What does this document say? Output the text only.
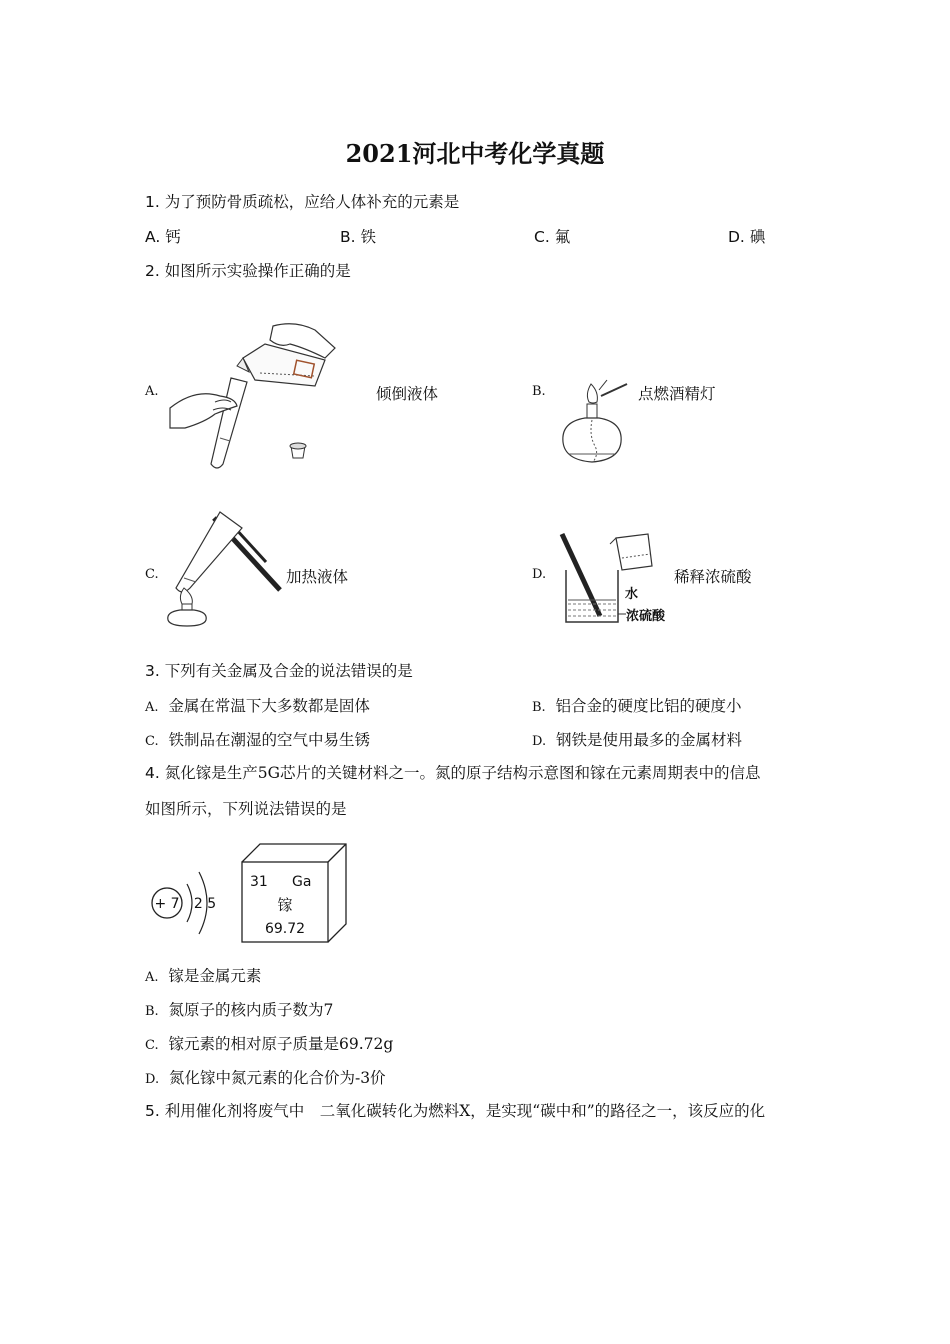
2021河北中考化学真题
1. 为了预防骨质疏松，应给人体补充的元素是
A. 钙	B. 铁	C. 氟	D. 碘
2. 如图所示实验操作正确的是
A.	倾倒液体	B.	点燃酒精灯
C.	加热液体	D.
水
浓硫酸
稀释浓硫酸
3. 下列有关金属及合金的说法错误的是
A. 金属在常温下大多数都是固体	B. 铝合金的硬度比铝的硬度小
C. 铁制品在潮湿的空气中易生锈	D. 钢铁是使用最多的金属材料
4. 氮化镓是生产5G芯片的关键材料之一。氮的原子结构示意图和镓在元素周期表中的信息
如图所示，下列说法错误的是
+ 7 2 5
31 Ga
镓
69.72
A. 镓是金属元素
B. 氮原子的核内质子数为7
C. 镓元素的相对原子质量是69.72g
D. 氮化镓中氮元素的化合价为-3价
5. 利用催化剂将废气中　二氧化碳转化为燃料X，是实现“碳中和”的路径之一，该反应的化
